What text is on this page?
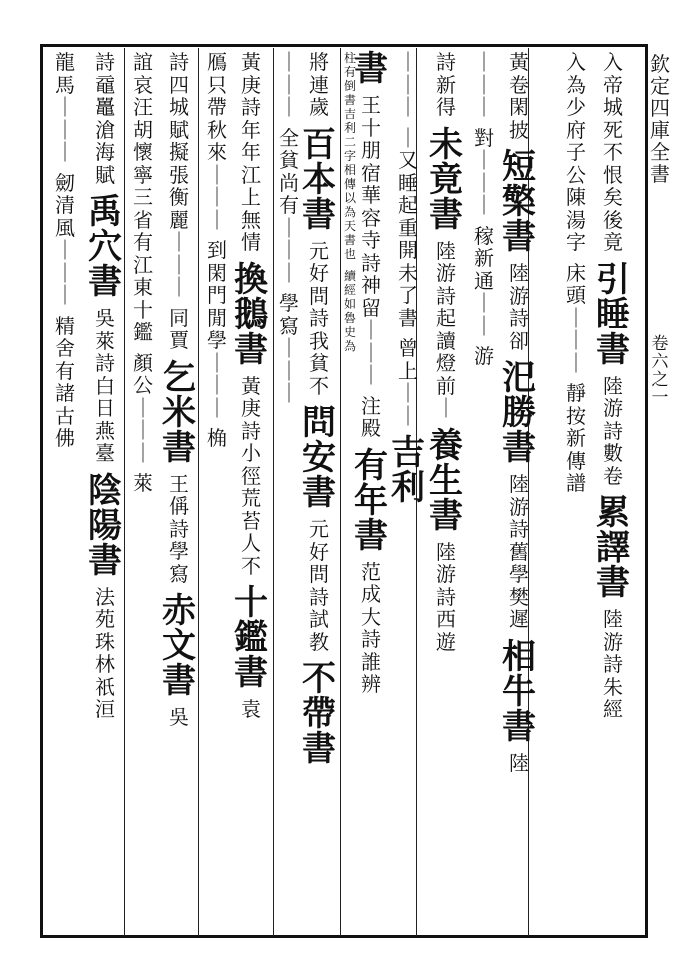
欽
定
四
庫
全
書
卷
六
之
一
入
帝
城
死
不
恨
矣
後
竟
引
睡
書
陸
游
詩
數
卷
累
譯
書
陸
游
詩
朱
經
入
為
少
府
子
公
陳
湯
字
床
頭
｜
｜
｜
靜
按
新
傳
譜
黃
卷
閑
披
短
檠
書
陸
游
詩
卻
汜
勝
書
陸
游
詩
舊
學
樊
遲
相
牛
書
陸
｜
｜
｜
對
｜
｜
｜
稼
新
通
｜
｜
游
詩
新
得
未
竟
書
陸
游
詩
起
讀
燈
前
｜
養
生
書
陸
游
詩
西
遊
｜
｜
｜
｜
又
睡
起
重
開
未
了
書
曾
上
｜
｜
吉
利
書
王
十
朋
宿
華
容
寺
詩
神
留
｜
｜
｜
注
殿
有
年
書
范
成
大
詩
誰
辨
柱
有
倒
書
吉
利
二
字
相
傳
以
為
天
書
也
續
經
如
魯
史
為
將
連
歲
百
本
書
元
好
問
詩
我
貧
不
問
安
書
元
好
問
詩
試
教
不
帶
書
｜
｜
｜
全
貧
尚
有
｜
｜
｜
學
寫
｜
｜
｜
黃
庚
詩
年
年
江
上
無
情
換
鵝
書
黃
庚
詩
小
徑
荒
苔
人
不
十
鑑
書
袁
鴈
只
帶
秋
來
｜
｜
｜
到
閑
門
閒
學
｜
｜
｜
桷
詩
四
城
賦
擬
張
衡
麗
｜
｜
｜
同
賈
乞
米
書
王
偁
詩
學
寫
赤
文
書
吳
誼
哀
汪
胡
懷
寧
三
省
有
江
東
十
鑑
顏
公
｜
｜
｜
萊
詩
黿
鼉
滄
海
賦
禹
穴
書
吳
萊
詩
白
日
燕
臺
陰
陽
書
法
苑
珠
林
祇
洹
龍
馬
｜
｜
｜
劒
清
風
｜
｜
｜
精
舍
有
諸
古
佛
